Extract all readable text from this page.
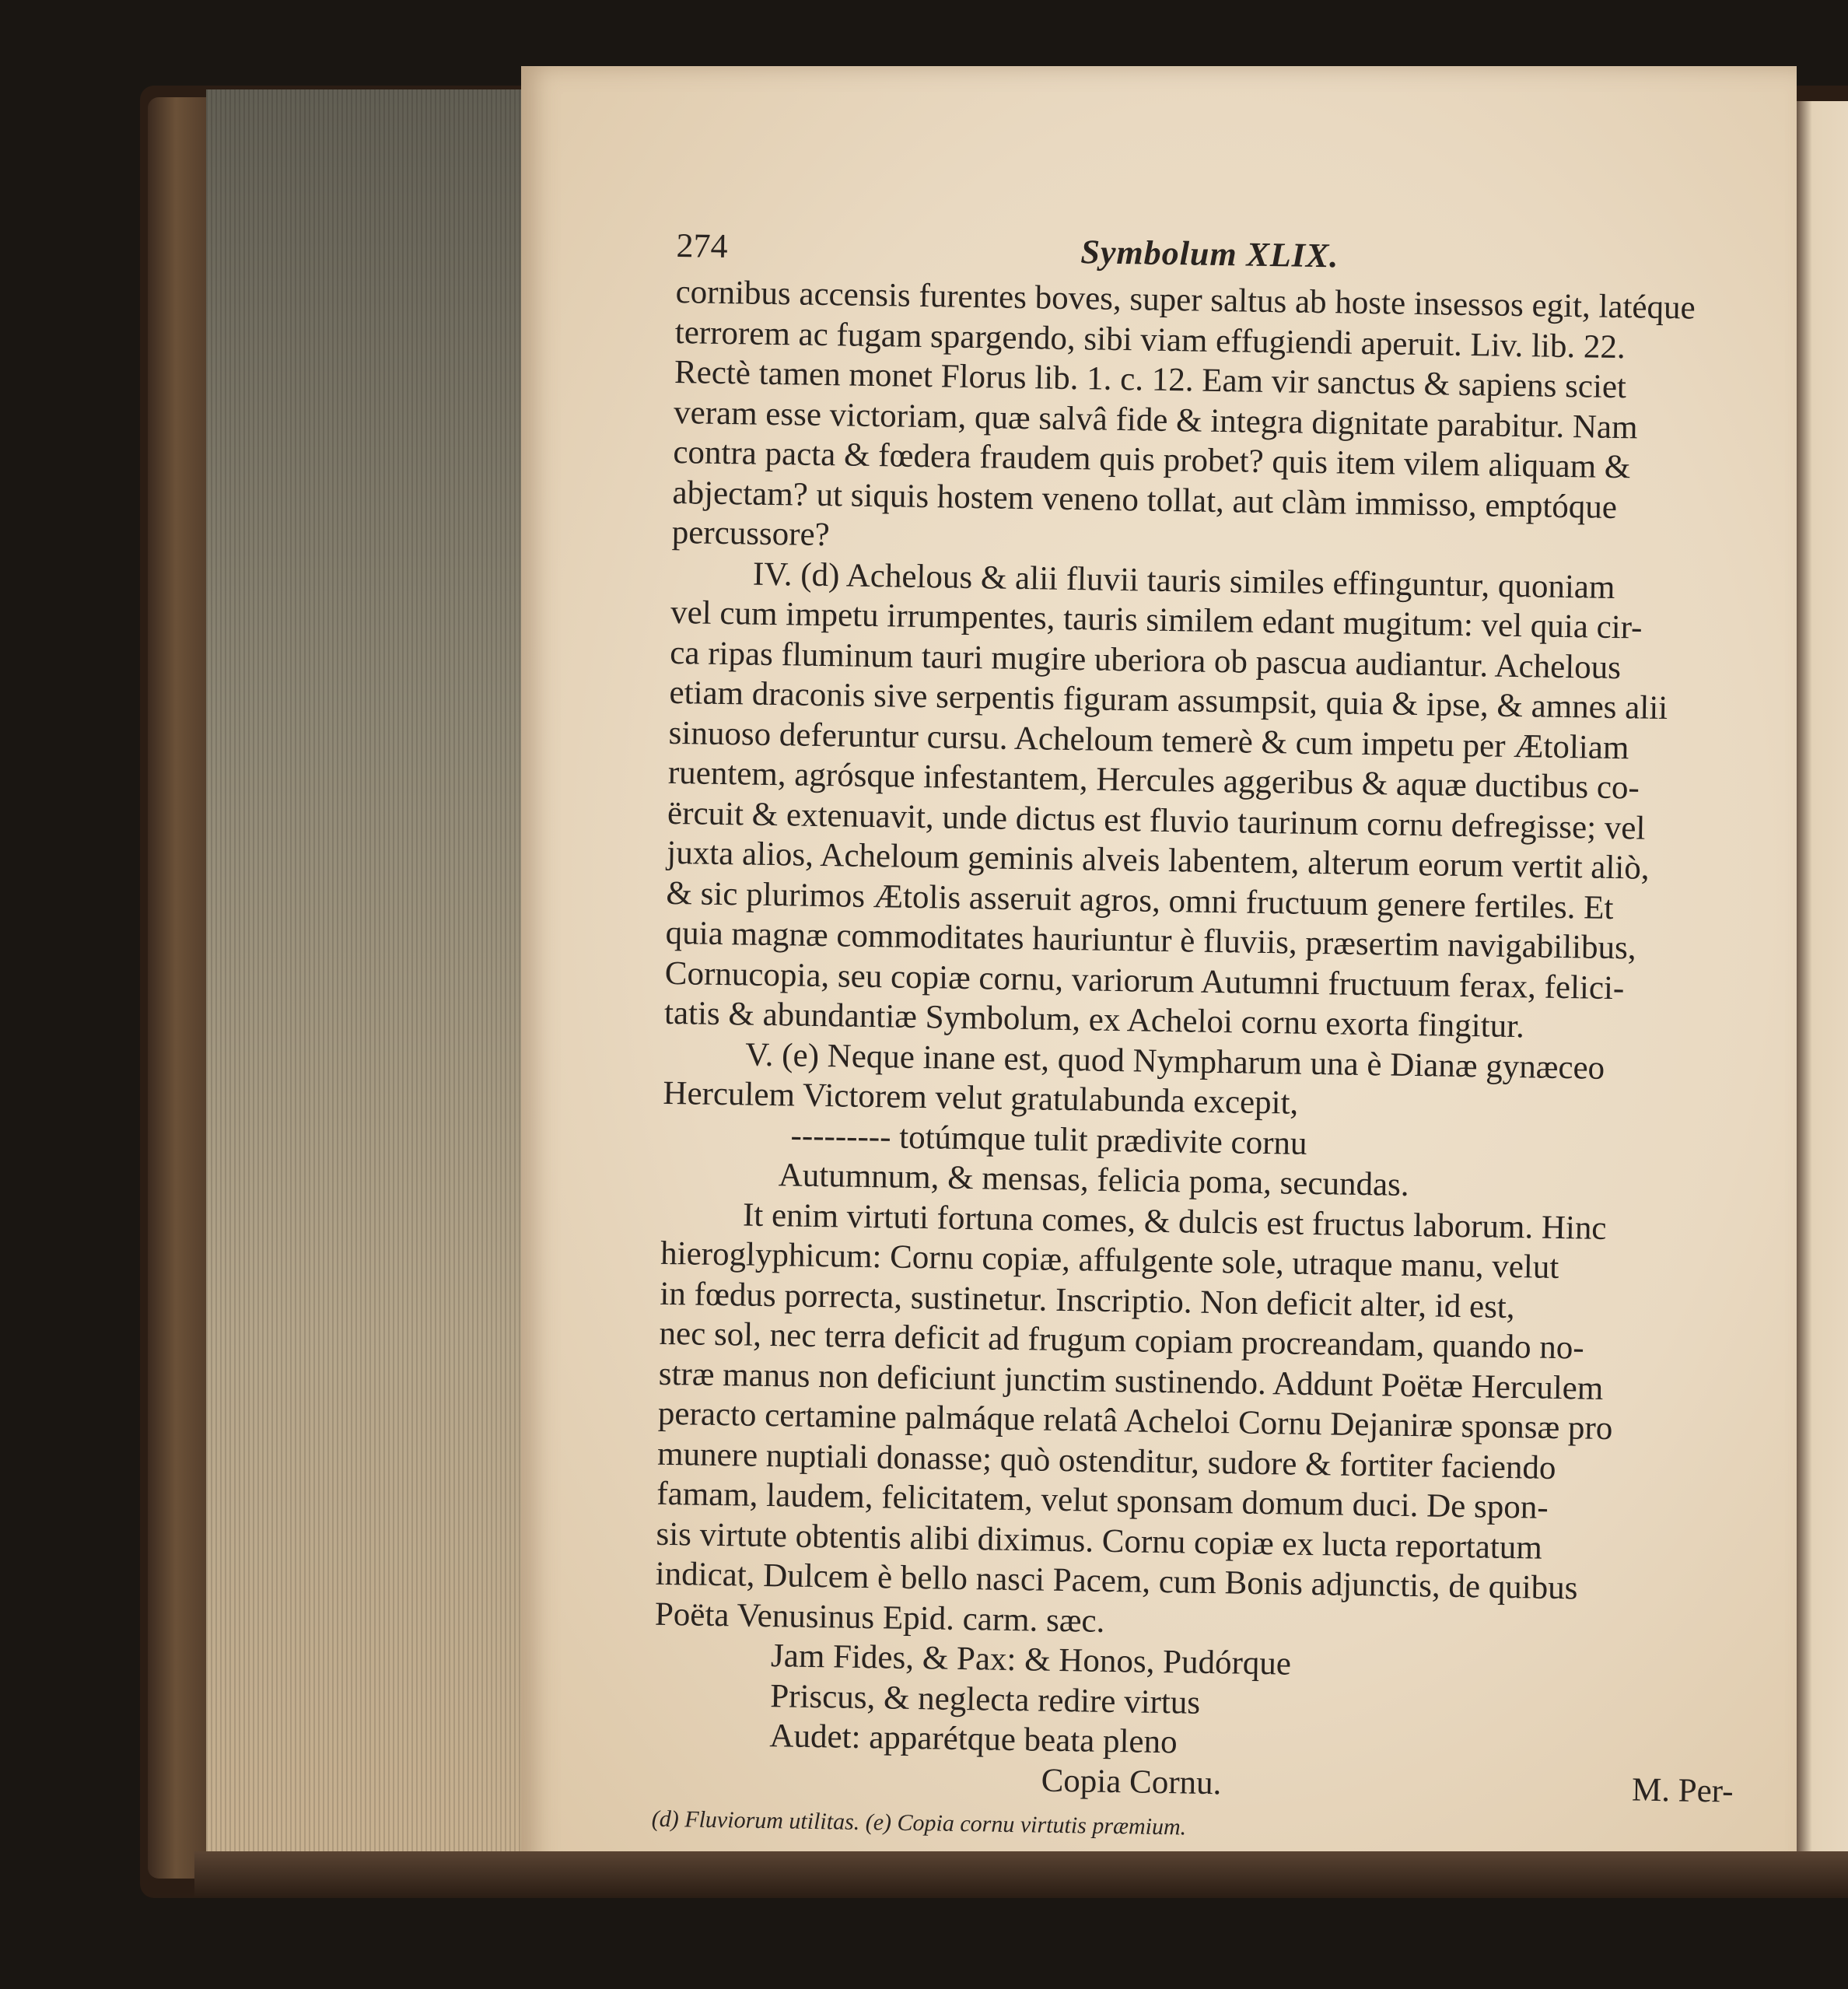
274	Symbolum XLIX.
cornibus accensis furentes boves, super saltus ab hoste insessos egit, latéque
terrorem ac fugam spargendo, sibi viam effugiendi aperuit. Liv. lib. 22.
Rectè tamen monet Florus lib. 1. c. 12. Eam vir sanctus & sapiens sciet
veram esse victoriam, quæ salvâ fide & integra dignitate parabitur. Nam
contra pacta & fœdera fraudem quis probet? quis item vilem aliquam &
abjectam? ut siquis hostem veneno tollat, aut clàm immisso, emptóque
percussore?
IV. (d) Achelous & alii fluvii tauris similes effinguntur, quoniam
vel cum impetu irrumpentes, tauris similem edant mugitum: vel quia cir-
ca ripas fluminum tauri mugire uberiora ob pascua audiantur. Achelous
etiam draconis sive serpentis figuram assumpsit, quia & ipse, & amnes alii
sinuoso deferuntur cursu. Acheloum temerè & cum impetu per Ætoliam
ruentem, agrósque infestantem, Hercules aggeribus & aquæ ductibus co-
ërcuit & extenuavit, unde dictus est fluvio taurinum cornu defregisse; vel
juxta alios, Acheloum geminis alveis labentem, alterum eorum vertit aliò,
& sic plurimos Ætolis asseruit agros, omni fructuum genere fertiles. Et
quia magnæ commoditates hauriuntur è fluviis, præsertim navigabilibus,
Cornucopia, seu copiæ cornu, variorum Autumni fructuum ferax, felici-
tatis & abundantiæ Symbolum, ex Acheloi cornu exorta fingitur.
V. (e) Neque inane est, quod Nympharum una è Dianæ gynæceo
Herculem Victorem velut gratulabunda excepit,
--------- totúmque tulit prædivite cornu
Autumnum, & mensas, felicia poma, secundas.
It enim virtuti fortuna comes, & dulcis est fructus laborum. Hinc
hieroglyphicum: Cornu copiæ, affulgente sole, utraque manu, velut
in fœdus porrecta, sustinetur. Inscriptio. Non deficit alter, id est,
nec sol, nec terra deficit ad frugum copiam procreandam, quando no-
stræ manus non deficiunt junctim sustinendo. Addunt Poëtæ Herculem
peracto certamine palmáque relatâ Acheloi Cornu Dejaniræ sponsæ pro
munere nuptiali donasse; quò ostenditur, sudore & fortiter faciendo
famam, laudem, felicitatem, velut sponsam domum duci. De spon-
sis virtute obtentis alibi diximus. Cornu copiæ ex lucta reportatum
indicat, Dulcem è bello nasci Pacem, cum Bonis adjunctis, de quibus
Poëta Venusinus Epid. carm. sæc.
Jam Fides, & Pax: & Honos, Pudórque
Priscus, & neglecta redire virtus
Audet: apparétque beata pleno
Copia Cornu.	M. Per-
(d) Fluviorum utilitas. (e) Copia cornu virtutis præmium.
